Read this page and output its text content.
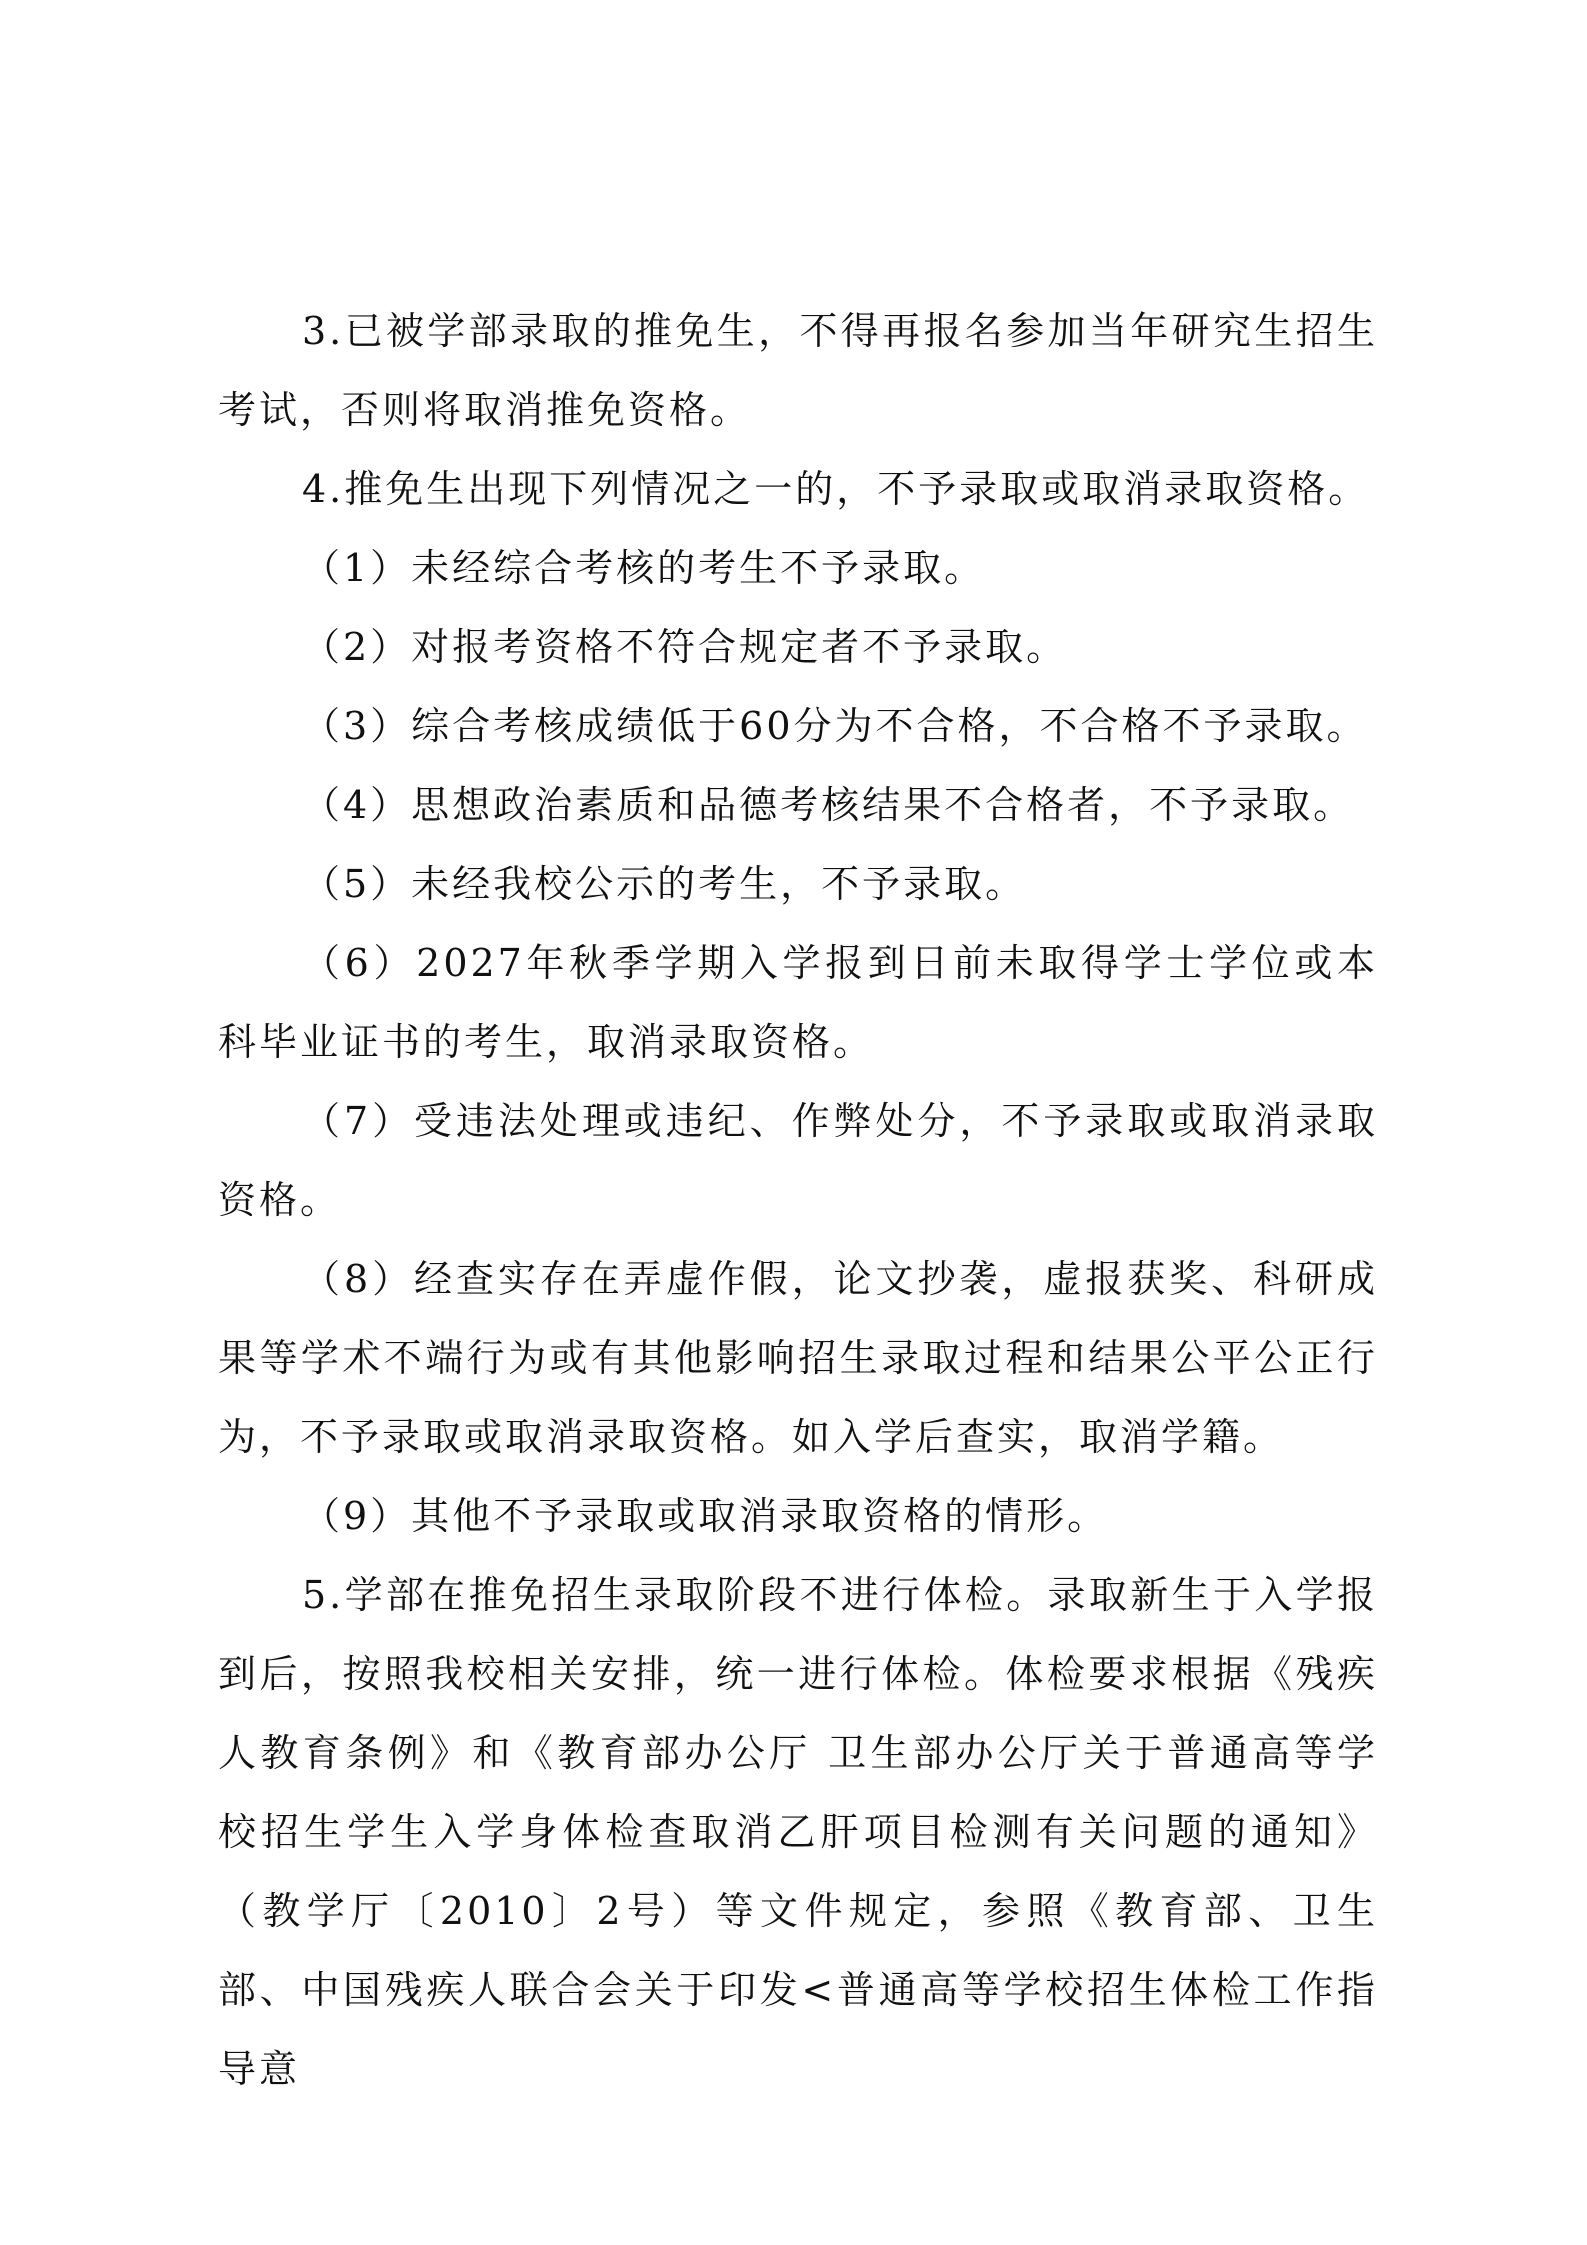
3.已被学部录取的推免生，不得再报名参加当年研究生招生考试，否则将取消推免资格。

4.推免生出现下列情况之一的，不予录取或取消录取资格。

（1）未经综合考核的考生不予录取。

（2）对报考资格不符合规定者不予录取。

（3）综合考核成绩低于60分为不合格，不合格不予录取。

（4）思想政治素质和品德考核结果不合格者，不予录取。

（5）未经我校公示的考生，不予录取。

（6）2027年秋季学期入学报到日前未取得学士学位或本科毕业证书的考生，取消录取资格。

（7）受违法处理或违纪、作弊处分，不予录取或取消录取资格。

（8）经查实存在弄虚作假，论文抄袭，虚报获奖、科研成果等学术不端行为或有其他影响招生录取过程和结果公平公正行为，不予录取或取消录取资格。如入学后查实，取消学籍。

（9）其他不予录取或取消录取资格的情形。

5.学部在推免招生录取阶段不进行体检。录取新生于入学报到后，按照我校相关安排，统一进行体检。体检要求根据《残疾人教育条例》和《教育部办公厅 卫生部办公厅关于普通高等学校招生学生入学身体检查取消乙肝项目检测有关问题的通知》（教学厅〔2010〕2号）等文件规定，参照《教育部、卫生部、中国残疾人联合会关于印发<普通高等学校招生体检工作指导意
